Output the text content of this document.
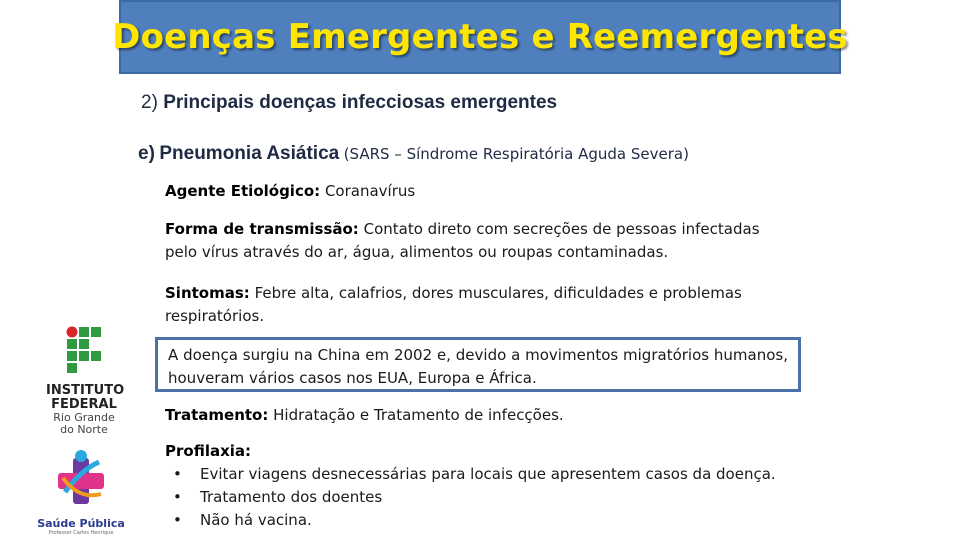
Doenças Emergentes e Reemergentes
2) Principais doenças infecciosas emergentes
e) Pneumonia Asiática (SARS – Síndrome Respiratória Aguda Severa)
Agente Etiológico: Coranavírus
Forma de transmissão: Contato direto com secreções de pessoas infectadas pelo vírus através do ar, água, alimentos ou roupas contaminadas.
Sintomas: Febre alta, calafrios, dores musculares, dificuldades e problemas respiratórios.
A doença surgiu na China em 2002 e, devido a movimentos migratórios humanos, houveram vários casos nos EUA, Europa e África.
Tratamento: Hidratação e Tratamento de infecções.
Profilaxia:
• Evitar viagens desnecessárias para locais que apresentem casos da doença.
• Tratamento dos doentes
• Não há vacina.
INSTITUTO
FEDERAL
Rio Grande
do Norte
Saúde Pública
Professor Carlos Henrique
